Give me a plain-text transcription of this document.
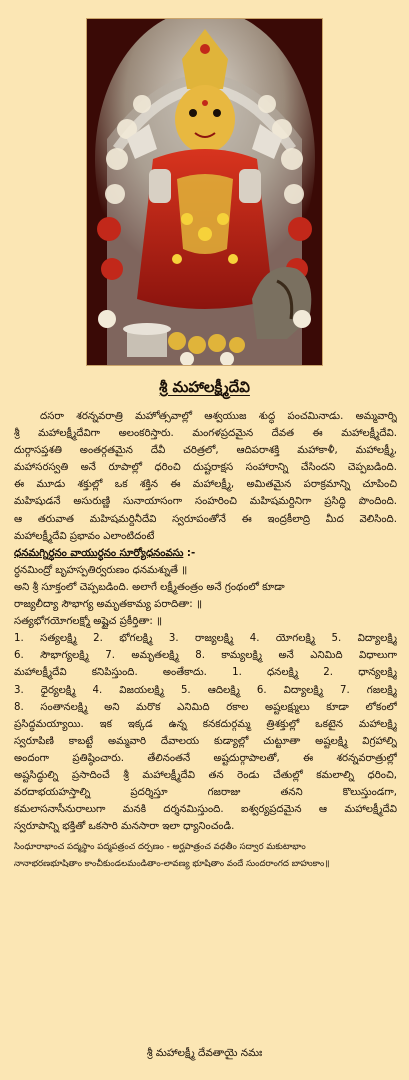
శ్రీ మహాలక్ష్మీదేవి
దసరా శరన్నవరాత్రి మహోత్సవాల్లో ఆశ్వయుజ శుద్ధ పంచమినాడు. అమ్మవార్ని
శ్రీ మహాలక్ష్మీదేవిగా అలంకరిస్తారు. మంగళప్రదమైన దేవత ఈ మహాలక్ష్మీదేవి.
దుర్గాసప్తశతి అంతర్గతమైన దేవీ చరిత్రలో, ఆదిపరాశక్తి మహాకాళీ, మహాలక్ష్మీ,
మహాసరస్వతి అనే రూపాల్లో ధరించి దుష్టరాక్షస సంహారాన్ని చేసిందని చెప్పబడింది.
ఈ మూడు శక్తుల్లో ఒక శక్తిన ఈ మహాలక్ష్మీ, అమితమైన పరాక్రమాన్ని చూపించి
మహిషుడనే అసురుణ్ణి సునాయాసంగా సంహరించి మహిషమర్దినిగా ప్రసిద్ధి పొందింది.
ఆ తరువాత మహిషమర్దినీదేవి స్వరూపంతోనే ఈ ఇంద్రకీలాద్రి మీద వెలిసింది.
మహాలక్ష్మీదేవి ప్రభావం ఎలాంటిదంటే
ధనమగ్నిర్ధనం వాయుర్ధనం సూర్యోధనంవసు :-
ర్ధనమింద్రో బృహస్పతిర్వరుణం ధనమశ్నుతే ॥
అని శ్రీ సూక్తంలో చెప్పబడింది. అలాగే లక్ష్మీతంత్రం అనే గ్రంథంలో కూడా
రాజ్యలీద్యా సౌభాగ్య అమృతకామ్య పరాదితా: ॥
సత్యభోగయోగలక్ష్మో అష్టైచ ప్రకీర్తితా: ॥
1. సత్యలక్ష్మి 2. భోగలక్ష్మి 3. రాజ్యలక్ష్మి 4. యోగలక్ష్మి 5. విద్యాలక్ష్మి
6. సౌభాగ్యలక్ష్మి 7. అమృతలక్ష్మి 8. కామ్యలక్ష్మి అనే ఎనిమిది విధాలుగా
మహాలక్ష్మీదేవి కనిపిస్తుంది. అంతేకాదు. 1. ధనలక్ష్మి 2. ధాన్యలక్ష్మి
3. ధైర్యలక్ష్మి 4. విజయలక్ష్మి 5. ఆదిలక్ష్మి 6. విద్యాలక్ష్మి 7. గజలక్ష్మి
8. సంతానలక్ష్మి అని మరొక ఎనిమిది రకాల అష్టలక్ష్ములు కూడా లోకంలో
ప్రసిద్ధమయ్యాయి. ఇక ఇక్కడ ఉన్న కనకదుర్గమ్మ త్రిశక్తుల్లో ఒకటైన మహాలక్ష్మి
స్వరూపిణి కాబట్టే అమ్మవారి దేవాలయ కుడ్యాల్లో చుట్టూతా అష్టలక్ష్మి విగ్రహాల్ని
అందంగా ప్రతిష్ఠించారు. తేలినంతనే అష్టదుర్గాపాలతో, ఈ శరన్నవరాత్రుల్లో
అష్టసిద్ధుల్ని ప్రసాదించే శ్రీ మహాలక్ష్మీదేవి తన రెండు చేతుల్లో కమలాల్ని ధరించి,
వరదాభయహస్తాల్ని ప్రదర్శిస్తూ గజరాజు తనని కొలుస్తుండగా,
కమలాసనాసీనురాలుగా మనకి దర్శనమిస్తుంది. ఐశ్వర్యప్రదమైన ఆ మహాలక్ష్మీదేవి
స్వరూపాన్ని భక్తితో ఒకసారి మనసారా ఇలా ధ్యానించండి.
సింధూరాభాంచ పద్మస్థాం పద్మపత్రంచ దర్పణం - అర్ఘపాత్రంచ వధతీం సద్వార మకుటాభాం
నానాభరణభూషితాం కాంచీకుండలమండితాం-లావణ్య భూషితాం వందే సుందరాంగద బాహుకాం॥
శ్రీ మహాలక్ష్మీ దేవతాయై నమః
